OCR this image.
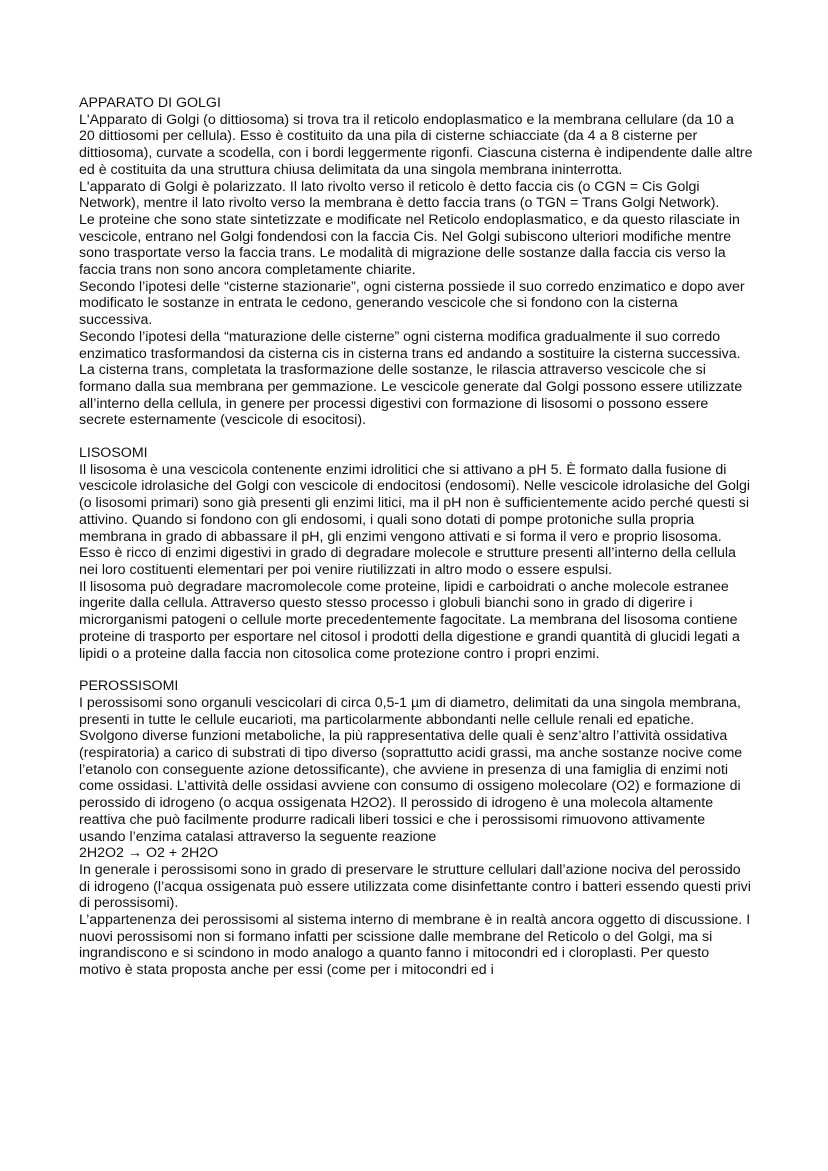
APPARATO DI GOLGI

L'Apparato di Golgi (o dittiosoma) si trova tra il reticolo endoplasmatico e la membrana cellulare (da 10 a 20 dittiosomi per cellula). Esso è costituito da una pila di cisterne schiacciate (da 4 a 8 cisterne per dittiosoma), curvate a scodella, con i bordi leggermente rigonfi. Ciascuna cisterna è indipendente dalle altre ed è costituita da una struttura chiusa delimitata da una singola membrana ininterrotta.

L'apparato di Golgi è polarizzato. Il lato rivolto verso il reticolo è detto faccia cis (o CGN = Cis Golgi Network), mentre il lato rivolto verso la membrana è detto faccia trans (o TGN = Trans Golgi Network).

Le proteine che sono state sintetizzate e modificate nel Reticolo endoplasmatico, e da questo rilasciate in vescicole, entrano nel Golgi fondendosi con la faccia Cis. Nel Golgi subiscono ulteriori modifiche mentre sono trasportate verso la faccia trans. Le modalità di migrazione delle sostanze dalla faccia cis verso la faccia trans non sono ancora completamente chiarite.

Secondo l’ipotesi delle “cisterne stazionarie”, ogni cisterna possiede il suo corredo enzimatico e dopo aver modificato le sostanze in entrata le cedono, generando vescicole che si fondono con la cisterna successiva.

Secondo l’ipotesi della “maturazione delle cisterne” ogni cisterna modifica gradualmente il suo corredo enzimatico trasformandosi da cisterna cis in cisterna trans ed andando a sostituire la cisterna successiva.

La cisterna trans, completata la trasformazione delle sostanze, le rilascia attraverso vescicole che si formano dalla sua membrana per gemmazione. Le vescicole generate dal Golgi possono essere utilizzate all’interno della cellula, in genere per processi digestivi con formazione di lisosomi o possono essere secrete esternamente (vescicole di esocitosi).

LISOSOMI

Il lisosoma è una vescicola contenente enzimi idrolitici che si attivano a pH 5. È formato dalla fusione di vescicole idrolasiche del Golgi con vescicole di endocitosi (endosomi). Nelle vescicole idrolasiche del Golgi (o lisosomi primari) sono già presenti gli enzimi litici, ma il pH non è sufficientemente acido perché questi si attivino. Quando si fondono con gli endosomi, i quali sono dotati di pompe protoniche sulla propria membrana in grado di abbassare il pH, gli enzimi vengono attivati e si forma il vero e proprio lisosoma. Esso è ricco di enzimi digestivi in grado di degradare molecole e strutture presenti all’interno della cellula nei loro costituenti elementari per poi venire riutilizzati in altro modo o essere espulsi.

Il lisosoma può degradare macromolecole come proteine, lipidi e carboidrati o anche molecole estranee ingerite dalla cellula. Attraverso questo stesso processo i globuli bianchi sono in grado di digerire i microrganismi patogeni o cellule morte precedentemente fagocitate. La membrana del lisosoma contiene proteine di trasporto per esportare nel citosol i prodotti della digestione e grandi quantità di glucidi legati a lipidi o a proteine dalla faccia non citosolica come protezione contro i propri enzimi.

PEROSSISOMI

I perossisomi sono organuli vescicolari di circa 0,5-1 µm di diametro, delimitati da una singola membrana, presenti in tutte le cellule eucarioti, ma particolarmente abbondanti nelle cellule renali ed epatiche. Svolgono diverse funzioni metaboliche, la più rappresentativa delle quali è senz’altro l’attività ossidativa (respiratoria) a carico di substrati di tipo diverso (soprattutto acidi grassi, ma anche sostanze nocive come l’etanolo con conseguente azione detossificante), che avviene in presenza di una famiglia di enzimi noti come ossidasi. L’attività delle ossidasi avviene con consumo di ossigeno molecolare (O2) e formazione di perossido di idrogeno (o acqua ossigenata H2O2). Il perossido di idrogeno è una molecola altamente reattiva che può facilmente produrre radicali liberi tossici e che i perossisomi rimuovono attivamente usando l’enzima catalasi attraverso la seguente reazione

2H2O2 → O2 + 2H2O

In generale i perossisomi sono in grado di preservare le strutture cellulari dall’azione nociva del perossido di idrogeno (l’acqua ossigenata può essere utilizzata come disinfettante contro i batteri essendo questi privi di perossisomi).

L’appartenenza dei perossisomi al sistema interno di membrane è in realtà ancora oggetto di discussione. I nuovi perossisomi non si formano infatti per scissione dalle membrane del Reticolo o del Golgi, ma si ingrandiscono e si scindono in modo analogo a quanto fanno i mitocondri ed i cloroplasti. Per questo motivo è stata proposta anche per essi (come per i mitocondri ed i
